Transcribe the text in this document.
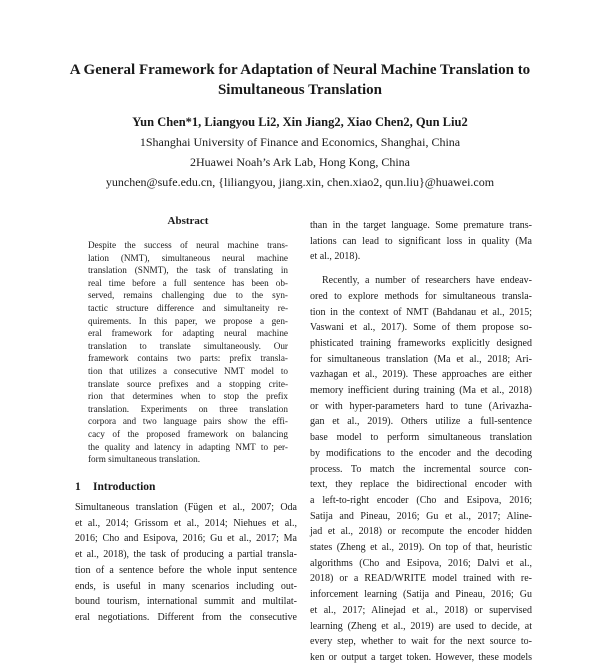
A General Framework for Adaptation of Neural Machine Translation to
Simultaneous Translation
Yun Chen*1, Liangyou Li2, Xin Jiang2, Xiao Chen2, Qun Liu2
1Shanghai University of Finance and Economics, Shanghai, China
2Huawei Noah’s Ark Lab, Hong Kong, China
yunchen@sufe.edu.cn, {liliangyou, jiang.xin, chen.xiao2, qun.liu}@huawei.com
Abstract
Despite the success of neural machine trans-
lation (NMT), simultaneous neural machine
translation (SNMT), the task of translating in
real time before a full sentence has been ob-
served, remains challenging due to the syn-
tactic structure difference and simultaneity re-
quirements. In this paper, we propose a gen-
eral framework for adapting neural machine
translation to translate simultaneously. Our
framework contains two parts: prefix transla-
tion that utilizes a consecutive NMT model to
translate source prefixes and a stopping crite-
rion that determines when to stop the prefix
translation. Experiments on three translation
corpora and two language pairs show the effi-
cacy of the proposed framework on balancing
the quality and latency in adapting NMT to per-
form simultaneous translation.
1 Introduction
Simultaneous translation (Fügen et al., 2007; Oda
et al., 2014; Grissom et al., 2014; Niehues et al.,
2016; Cho and Esipova, 2016; Gu et al., 2017; Ma
et al., 2018), the task of producing a partial transla-
tion of a sentence before the whole input sentence
ends, is useful in many scenarios including out-
bound tourism, international summit and multilat-
eral negotiations. Different from the consecutive
than in the target language. Some premature trans-
lations can lead to significant loss in quality (Ma
et al., 2018).
Recently, a number of researchers have endeav-
ored to explore methods for simultaneous transla-
tion in the context of NMT (Bahdanau et al., 2015;
Vaswani et al., 2017). Some of them propose so-
phisticated training frameworks explicitly designed
for simultaneous translation (Ma et al., 2018; Ari-
vazhagan et al., 2019). These approaches are either
memory inefficient during training (Ma et al., 2018)
or with hyper-parameters hard to tune (Arivazha-
gan et al., 2019). Others utilize a full-sentence
base model to perform simultaneous translation
by modifications to the encoder and the decoding
process. To match the incremental source con-
text, they replace the bidirectional encoder with
a left-to-right encoder (Cho and Esipova, 2016;
Satija and Pineau, 2016; Gu et al., 2017; Aline-
jad et al., 2018) or recompute the encoder hidden
states (Zheng et al., 2019). On top of that, heuristic
algorithms (Cho and Esipova, 2016; Dalvi et al.,
2018) or a READ/WRITE model trained with re-
inforcement learning (Satija and Pineau, 2016; Gu
et al., 2017; Alinejad et al., 2018) or supervised
learning (Zheng et al., 2019) are used to decide, at
every step, whether to wait for the next source to-
ken or output a target token. However, these models
